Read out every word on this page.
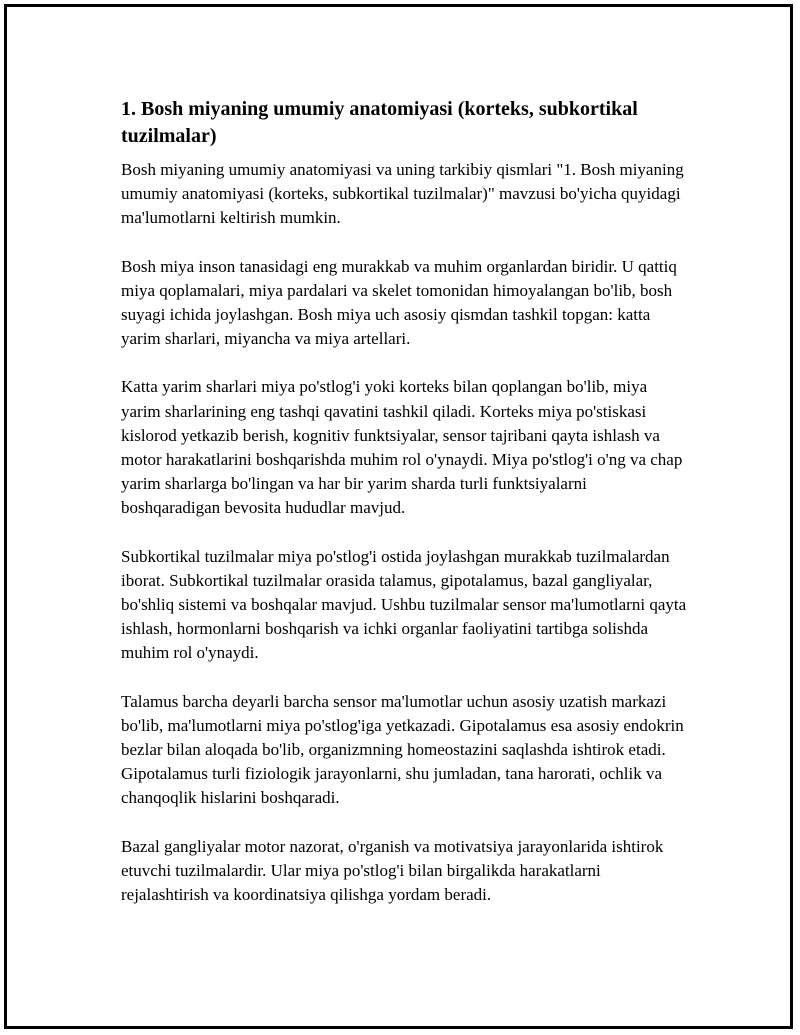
1. Bosh miyaning umumiy anatomiyasi (korteks, subkortikal tuzilmalar)

Bosh miyaning umumiy anatomiyasi va uning tarkibiy qismlari "1. Bosh miyaning umumiy anatomiyasi (korteks, subkortikal tuzilmalar)" mavzusi bo'yicha quyidagi ma'lumotlarni keltirish mumkin.

Bosh miya inson tanasidagi eng murakkab va muhim organlardan biridir. U qattiq miya qoplamalari, miya pardalari va skelet tomonidan himoyalangan bo'lib, bosh suyagi ichida joylashgan. Bosh miya uch asosiy qismdan tashkil topgan: katta yarim sharlari, miyancha va miya artellari.

Katta yarim sharlari miya po'stlog'i yoki korteks bilan qoplangan bo'lib, miya yarim sharlarining eng tashqi qavatini tashkil qiladi. Korteks miya po'stiskasi kislorod yetkazib berish, kognitiv funktsiyalar, sensor tajribani qayta ishlash va motor harakatlarini boshqarishda muhim rol o'ynaydi. Miya po'stlog'i o'ng va chap yarim sharlarga bo'lingan va har bir yarim sharda turli funktsiyalarni boshqaradigan bevosita hududlar mavjud.

Subkortikal tuzilmalar miya po'stlog'i ostida joylashgan murakkab tuzilmalardan iborat. Subkortikal tuzilmalar orasida talamus, gipotalamus, bazal gangliyalar, bo'shliq sistemi va boshqalar mavjud. Ushbu tuzilmalar sensor ma'lumotlarni qayta ishlash, hormonlarni boshqarish va ichki organlar faoliyatini tartibga solishda muhim rol o'ynaydi.

Talamus barcha deyarli barcha sensor ma'lumotlar uchun asosiy uzatish markazi bo'lib, ma'lumotlarni miya po'stlog'iga yetkazadi. Gipotalamus esa asosiy endokrin bezlar bilan aloqada bo'lib, organizmning homeostazini saqlashda ishtirok etadi. Gipotalamus turli fiziologik jarayonlarni, shu jumladan, tana harorati, ochlik va chanqoqlik hislarini boshqaradi.

Bazal gangliyalar motor nazorat, o'rganish va motivatsiya jarayonlarida ishtirok etuvchi tuzilmalardir. Ular miya po'stlog'i bilan birgalikda harakatlarni rejalashtirish va koordinatsiya qilishga yordam beradi.
